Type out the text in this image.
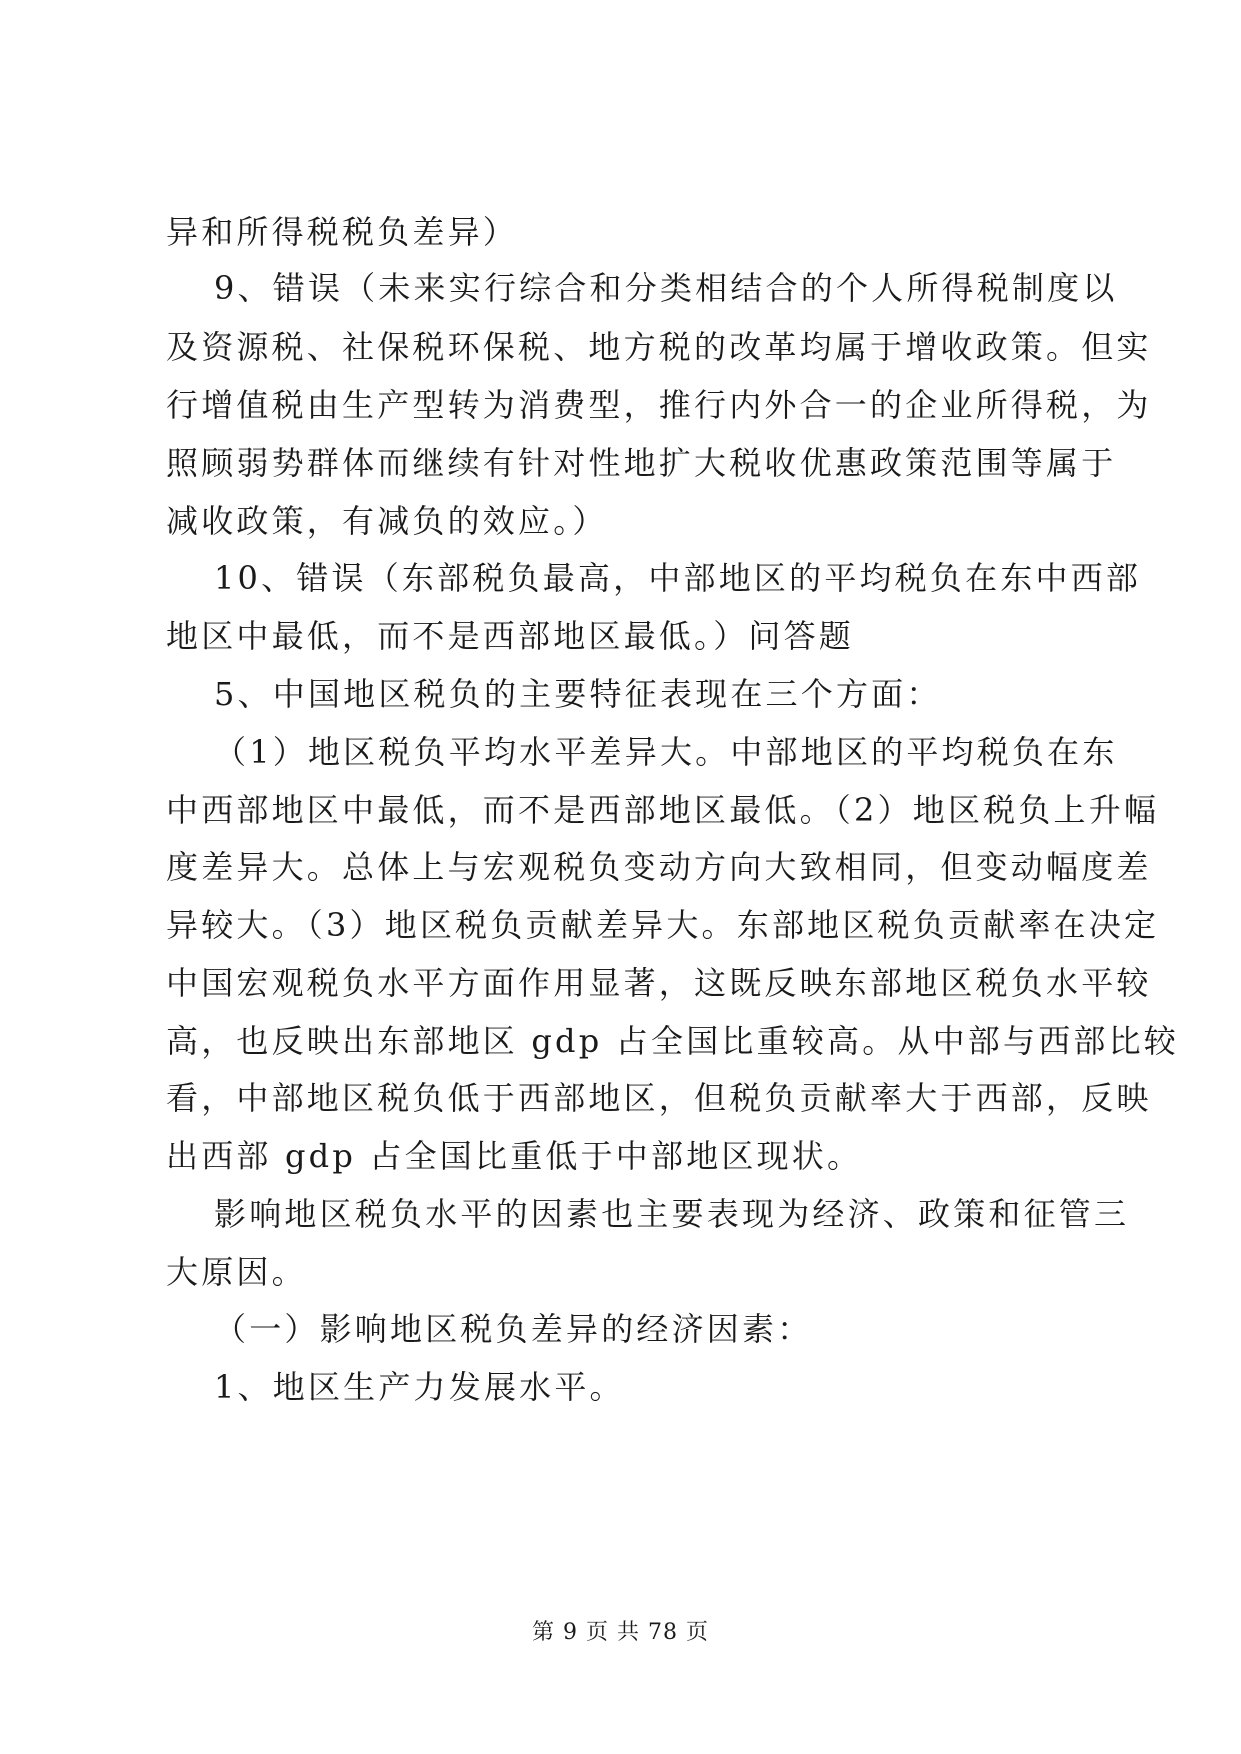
异和所得税税负差异）
9、错误（未来实行综合和分类相结合的个人所得税制度以
及资源税、社保税环保税、地方税的改革均属于增收政策。但实
行增值税由生产型转为消费型，推行内外合一的企业所得税，为
照顾弱势群体而继续有针对性地扩大税收优惠政策范围等属于
减收政策，有减负的效应。）
10、错误（东部税负最高，中部地区的平均税负在东中西部
地区中最低，而不是西部地区最低。）问答题
5、中国地区税负的主要特征表现在三个方面：
（1）地区税负平均水平差异大。中部地区的平均税负在东
中西部地区中最低，而不是西部地区最低。（2）地区税负上升幅
度差异大。总体上与宏观税负变动方向大致相同，但变动幅度差
异较大。（3）地区税负贡献差异大。东部地区税负贡献率在决定
中国宏观税负水平方面作用显著，这既反映东部地区税负水平较
高，也反映出东部地区 gdp 占全国比重较高。从中部与西部比较
看，中部地区税负低于西部地区，但税负贡献率大于西部，反映
出西部 gdp 占全国比重低于中部地区现状。
影响地区税负水平的因素也主要表现为经济、政策和征管三
大原因。
（一）影响地区税负差异的经济因素：
1、地区生产力发展水平。
第 9 页 共 78 页
